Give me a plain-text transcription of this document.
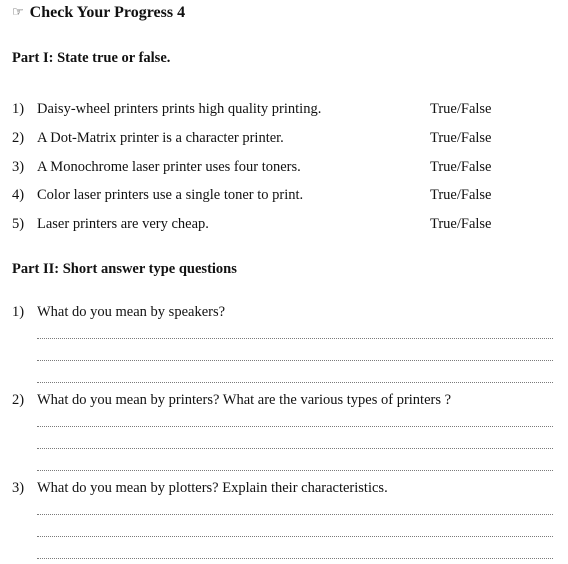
☞ Check Your Progress 4
Part I: State true or false.
1) Daisy-wheel printers prints high quality printing.	True/False
2) A Dot-Matrix printer is a character printer.	True/False
3) A Monochrome laser printer uses four toners.	True/False
4) Color laser printers use a single toner to print.	True/False
5) Laser printers are very cheap.	True/False
Part II: Short answer type questions
1) What do you mean by speakers?
2) What do you mean by printers? What are the various types of printers ?
3) What do you mean by plotters? Explain their characteristics.
